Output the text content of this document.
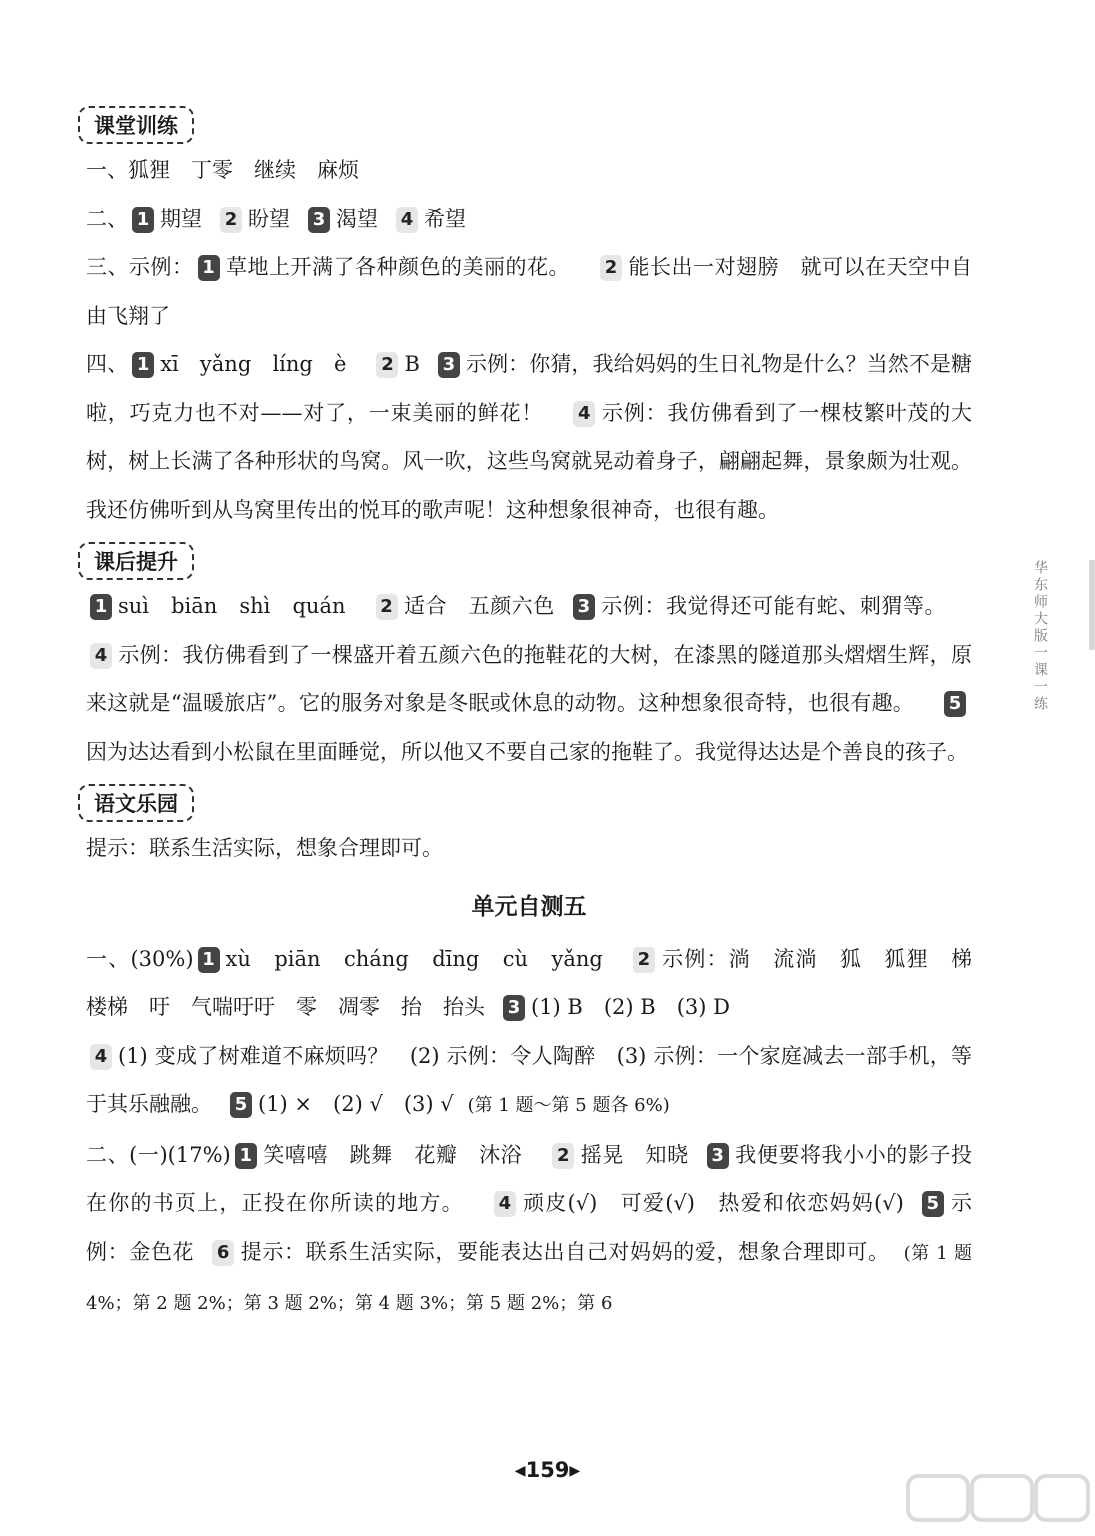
课堂训练
一、狐狸　丁零　继续　麻烦
二、 1 期望 2 盼望 3 渴望 4 希望
三、示例： 1 草地上开满了各种颜色的美丽的花。 2 能长出一对翅膀　就可以在天空中自由飞翔了
四、 1 xī　yǎng　líng　è 2 B 3 示例：你猜，我给妈妈的生日礼物是什么？当然不是糖啦，巧克力也不对——对了，一束美丽的鲜花！ 4 示例：我仿佛看到了一棵枝繁叶茂的大树，树上长满了各种形状的鸟窝。风一吹，这些鸟窝就晃动着身子，翩翩起舞，景象颇为壮观。我还仿佛听到从鸟窝里传出的悦耳的歌声呢！这种想象很神奇，也很有趣。
课后提升
1 suì　biān　shì　quán 2 适合　五颜六色 3 示例：我觉得还可能有蛇、刺猬等。4 示例：我仿佛看到了一棵盛开着五颜六色的拖鞋花的大树，在漆黑的隧道那头熠熠生辉，原来这就是“温暖旅店”。它的服务对象是冬眠或休息的动物。这种想象很奇特，也很有趣。 5因为达达看到小松鼠在里面睡觉，所以他又不要自己家的拖鞋了。我觉得达达是个善良的孩子。
语文乐园
提示：联系生活实际，想象合理即可。
单元自测五
一、(30%) 1 xù　piān　cháng　dīng　cù　yǎng 2 示例：淌　流淌　狐　狐狸　梯　楼梯　吁　气喘吁吁　零　凋零　抬　抬头 3 (1) B　(2) B　(3) D
4 (1) 变成了树难道不麻烦吗？　(2) 示例：令人陶醉　(3) 示例：一个家庭减去一部手机，等于其乐融融。 5 (1) ×　(2) √　(3) √ (第 1 题～第 5 题各 6%)
二、(一)(17%) 1 笑嘻嘻　跳舞　花瓣　沐浴 2 摇晃　知晓 3 我便要将我小小的影子投在你的书页上，正投在你所读的地方。 4 顽皮(√)　可爱(√)　热爱和依恋妈妈(√) 5 示例：金色花 6 提示：联系生活实际，要能表达出自己对妈妈的爱，想象合理即可。 (第 1 题 4%；第 2 题 2%；第 3 题 2%；第 4 题 3%；第 5 题 2%；第 6
◀159▶
华东师大版一课一练
